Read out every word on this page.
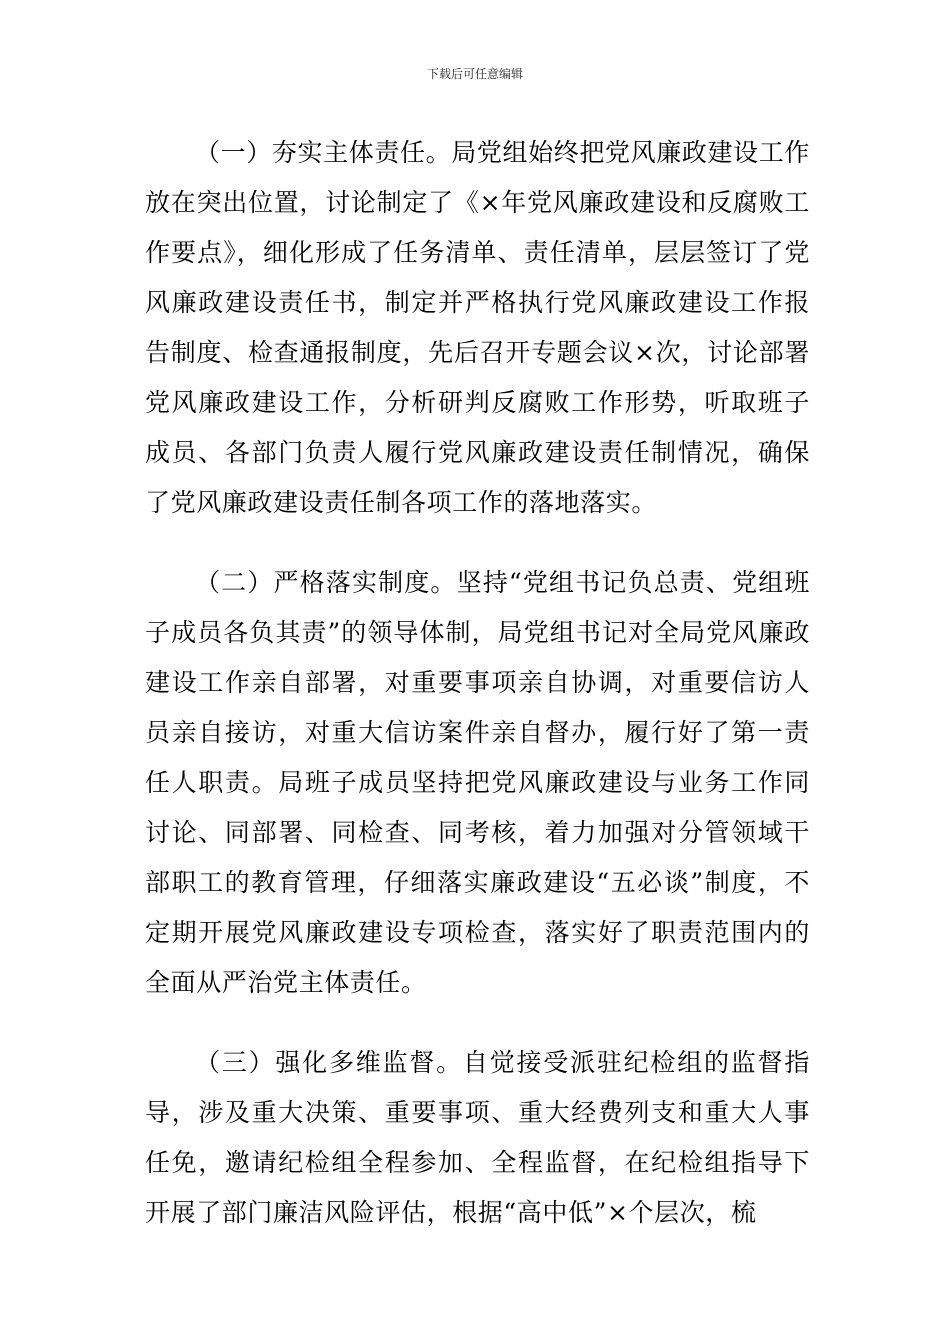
下载后可任意编辑

（一）夯实主体责任。局党组始终把党风廉政建设工作放在突出位置，讨论制定了《×年党风廉政建设和反腐败工作要点》，细化形成了任务清单、责任清单，层层签订了党风廉政建设责任书，制定并严格执行党风廉政建设工作报告制度、检查通报制度，先后召开专题会议×次，讨论部署党风廉政建设工作，分析研判反腐败工作形势，听取班子成员、各部门负责人履行党风廉政建设责任制情况，确保了党风廉政建设责任制各项工作的落地落实。

（二）严格落实制度。坚持“党组书记负总责、党组班子成员各负其责”的领导体制，局党组书记对全局党风廉政建设工作亲自部署，对重要事项亲自协调，对重要信访人员亲自接访，对重大信访案件亲自督办，履行好了第一责任人职责。局班子成员坚持把党风廉政建设与业务工作同讨论、同部署、同检查、同考核，着力加强对分管领域干部职工的教育管理，仔细落实廉政建设“五必谈”制度，不定期开展党风廉政建设专项检查，落实好了职责范围内的全面从严治党主体责任。

（三）强化多维监督。自觉接受派驻纪检组的监督指导，涉及重大决策、重要事项、重大经费列支和重大人事任免，邀请纪检组全程参加、全程监督，在纪检组指导下开展了部门廉洁风险评估，根据“高中低”×个层次，梳
